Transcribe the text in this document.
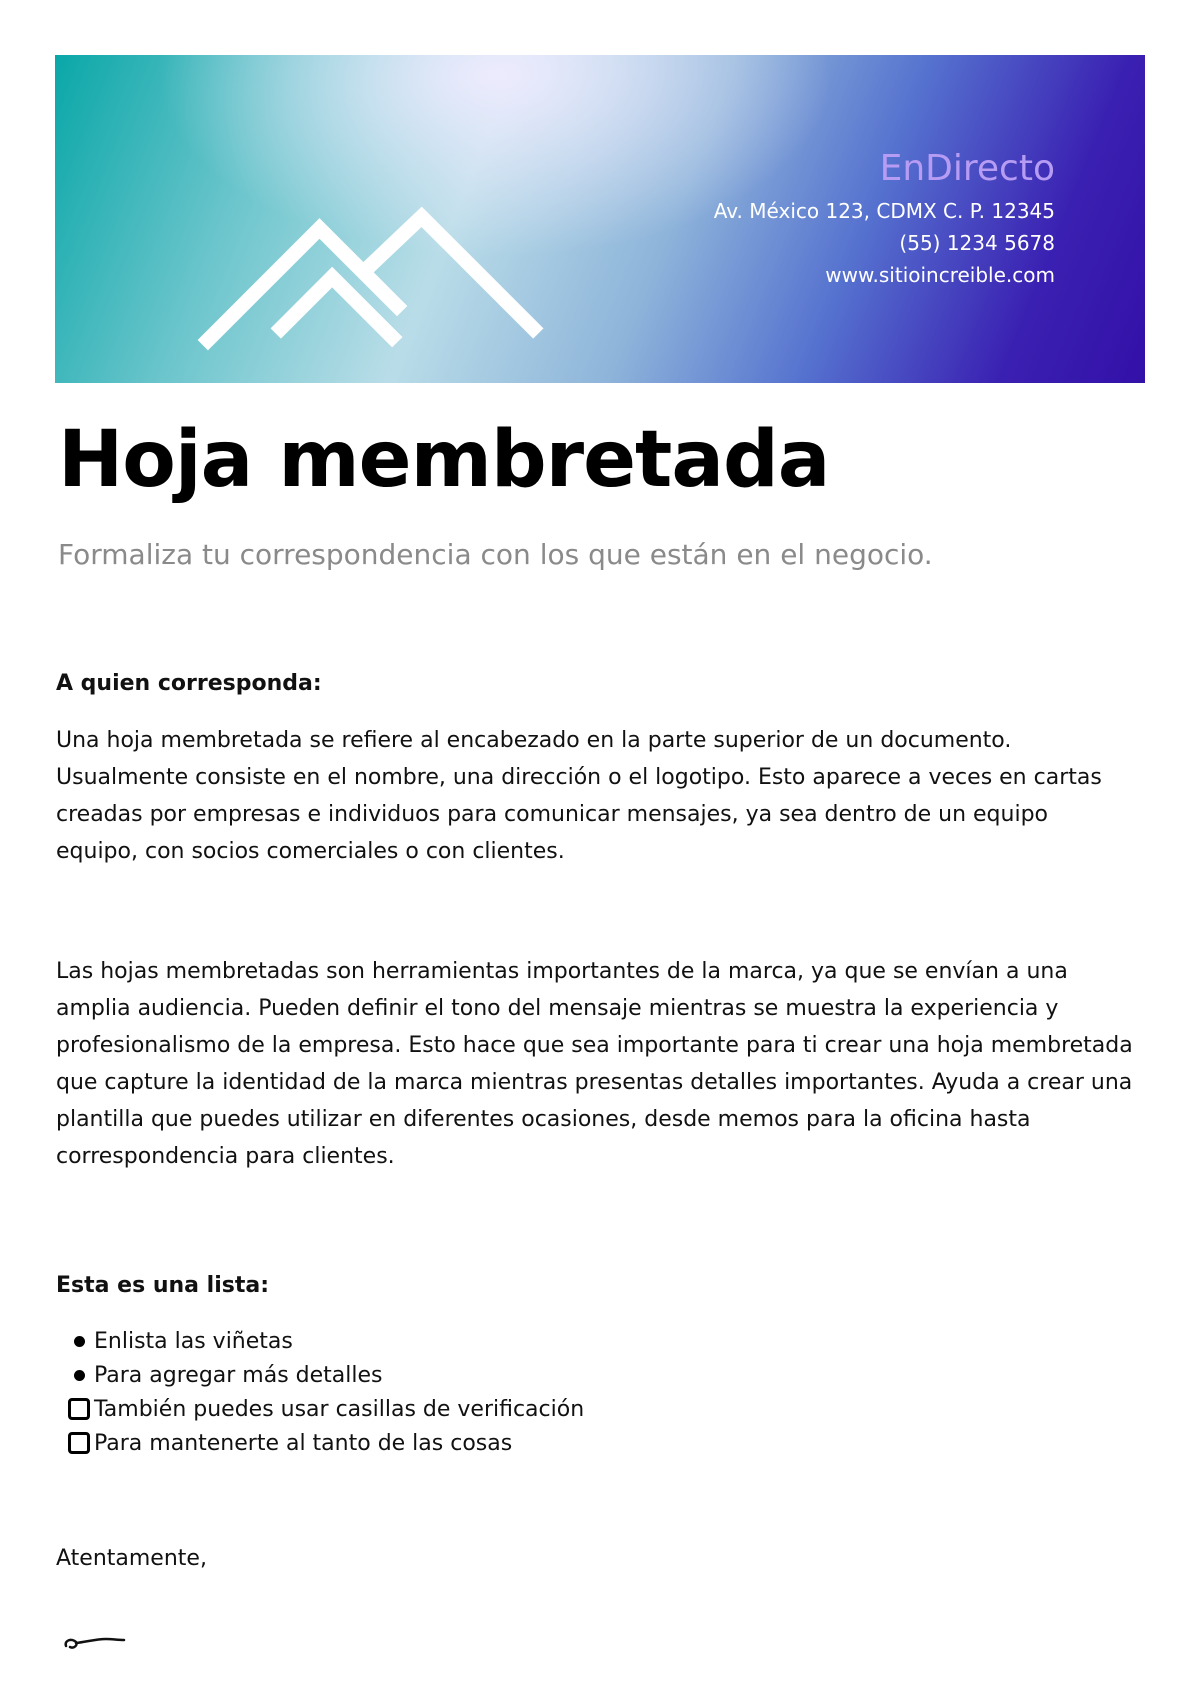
EnDirecto
Av. México 123, CDMX C. P. 12345
(55) 1234 5678
www.sitioincreible.com
Hoja membretada
Formaliza tu correspondencia con los que están en el negocio.

A quien corresponda:

Una hoja membretada se refiere al encabezado en la parte superior de un documento. Usualmente consiste en el nombre, una dirección o el logotipo. Esto aparece a veces en cartas creadas por empresas e individuos para comunicar mensajes, ya sea dentro de un equipo equipo, con socios comerciales o con clientes.

Las hojas membretadas son herramientas importantes de la marca, ya que se envían a una amplia audiencia. Pueden definir el tono del mensaje mientras se muestra la experiencia y profesionalismo de la empresa. Esto hace que sea importante para ti crear una hoja membretada que capture la identidad de la marca mientras presentas detalles importantes. Ayuda a crear una plantilla que puedes utilizar en diferentes ocasiones, desde memos para la oficina hasta correspondencia para clientes.

Esta es una lista:

Enlista las viñetas
Para agregar más detalles
También puedes usar casillas de verificación
Para mantenerte al tanto de las cosas

Atentamente,
